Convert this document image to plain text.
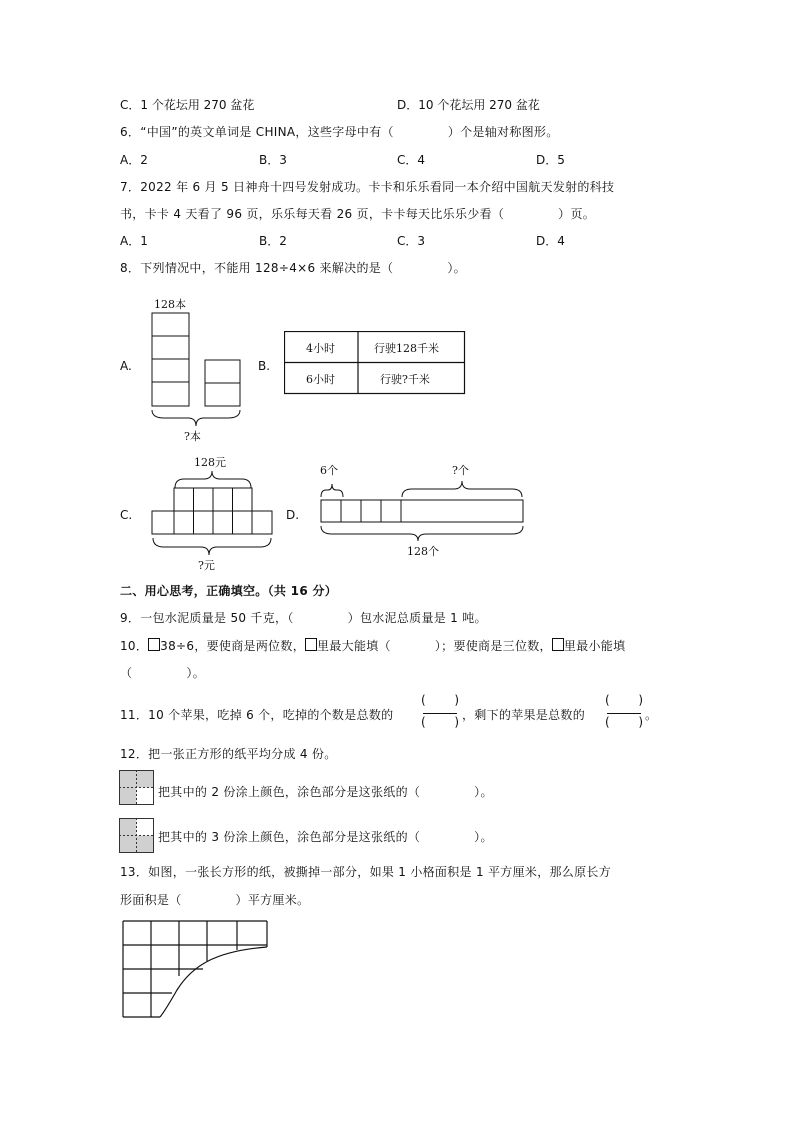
C．1 个花坛用 270 盆花	D．10 个花坛用 270 盆花
6．“中国”的英文单词是 CHINA，这些字母中有（	）个是轴对称图形。
A．2	B．3	C．4	D．5
7．2022 年 6 月 5 日神舟十四号发射成功。卡卡和乐乐看同一本介绍中国航天发射的科技
书，卡卡 4 天看了 96 页，乐乐每天看 26 页，卡卡每天比乐乐少看（	）页。
A．1	B．2	C．3	D．4
8．下列情况中，不能用 128÷4×6 来解决的是（	）。
A.
128本
?本
B.
4小时	行驶128千米
6小时	行驶?千米
C.
128元
?元
D.
6个	?个
128个
二、用心思考，正确填空。（共 16 分）
9．一包水泥质量是 50 千克，（	）包水泥总质量是 1 吨。
10． 38÷6，要使商是两位数， 里最大能填（	）；要使商是三位数， 里最小能填
（	）。
11．10 个苹果，吃掉 6 个，吃掉的个数是总数的
( )
( ) ，剩下的苹果是总数的
( )
( ) 。
12．把一张正方形的纸平均分成 4 份。
把其中的 2 份涂上颜色，涂色部分是这张纸的（	）。
把其中的 3 份涂上颜色，涂色部分是这张纸的（	）。
13．如图，一张长方形的纸，被撕掉一部分，如果 1 小格面积是 1 平方厘米，那么原长方
形面积是（	）平方厘米。
